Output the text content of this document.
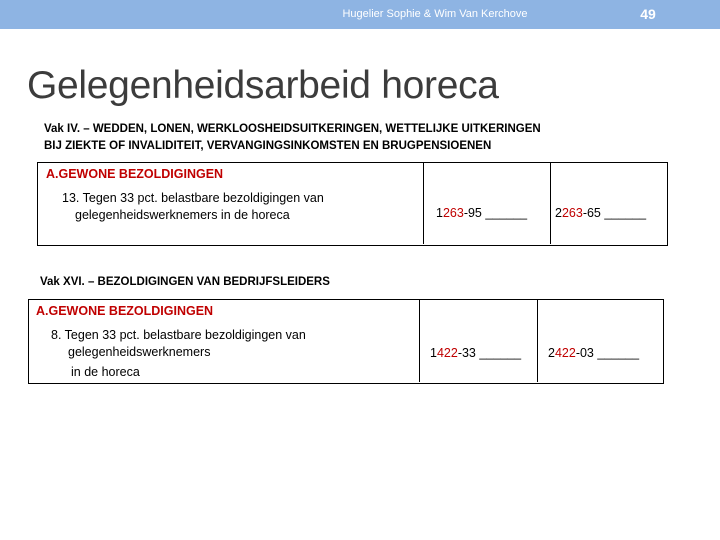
Hugelier Sophie & Wim Van Kerchove	49
Gelegenheidsarbeid horeca
Vak IV. – WEDDEN, LONEN, WERKLOOSHEIDSUITKERINGEN, WETTELIJKE UITKERINGEN
BIJ ZIEKTE OF INVALIDITEIT, VERVANGINGSINKOMSTEN EN BRUGPENSIOENEN
A.GEWONE BEZOLDIGINGEN
13. Tegen 33 pct. belastbare bezoldigingen van
gelegenheidswerknemers in de horeca	1263-95 ______ 2263-65 ______
Vak XVI. – BEZOLDIGINGEN VAN BEDRIJFSLEIDERS
A.GEWONE BEZOLDIGINGEN
8. Tegen 33 pct. belastbare bezoldigingen van
gelegenheidswerknemers
in de horeca
1422-33 ______ 2422-03 ______
